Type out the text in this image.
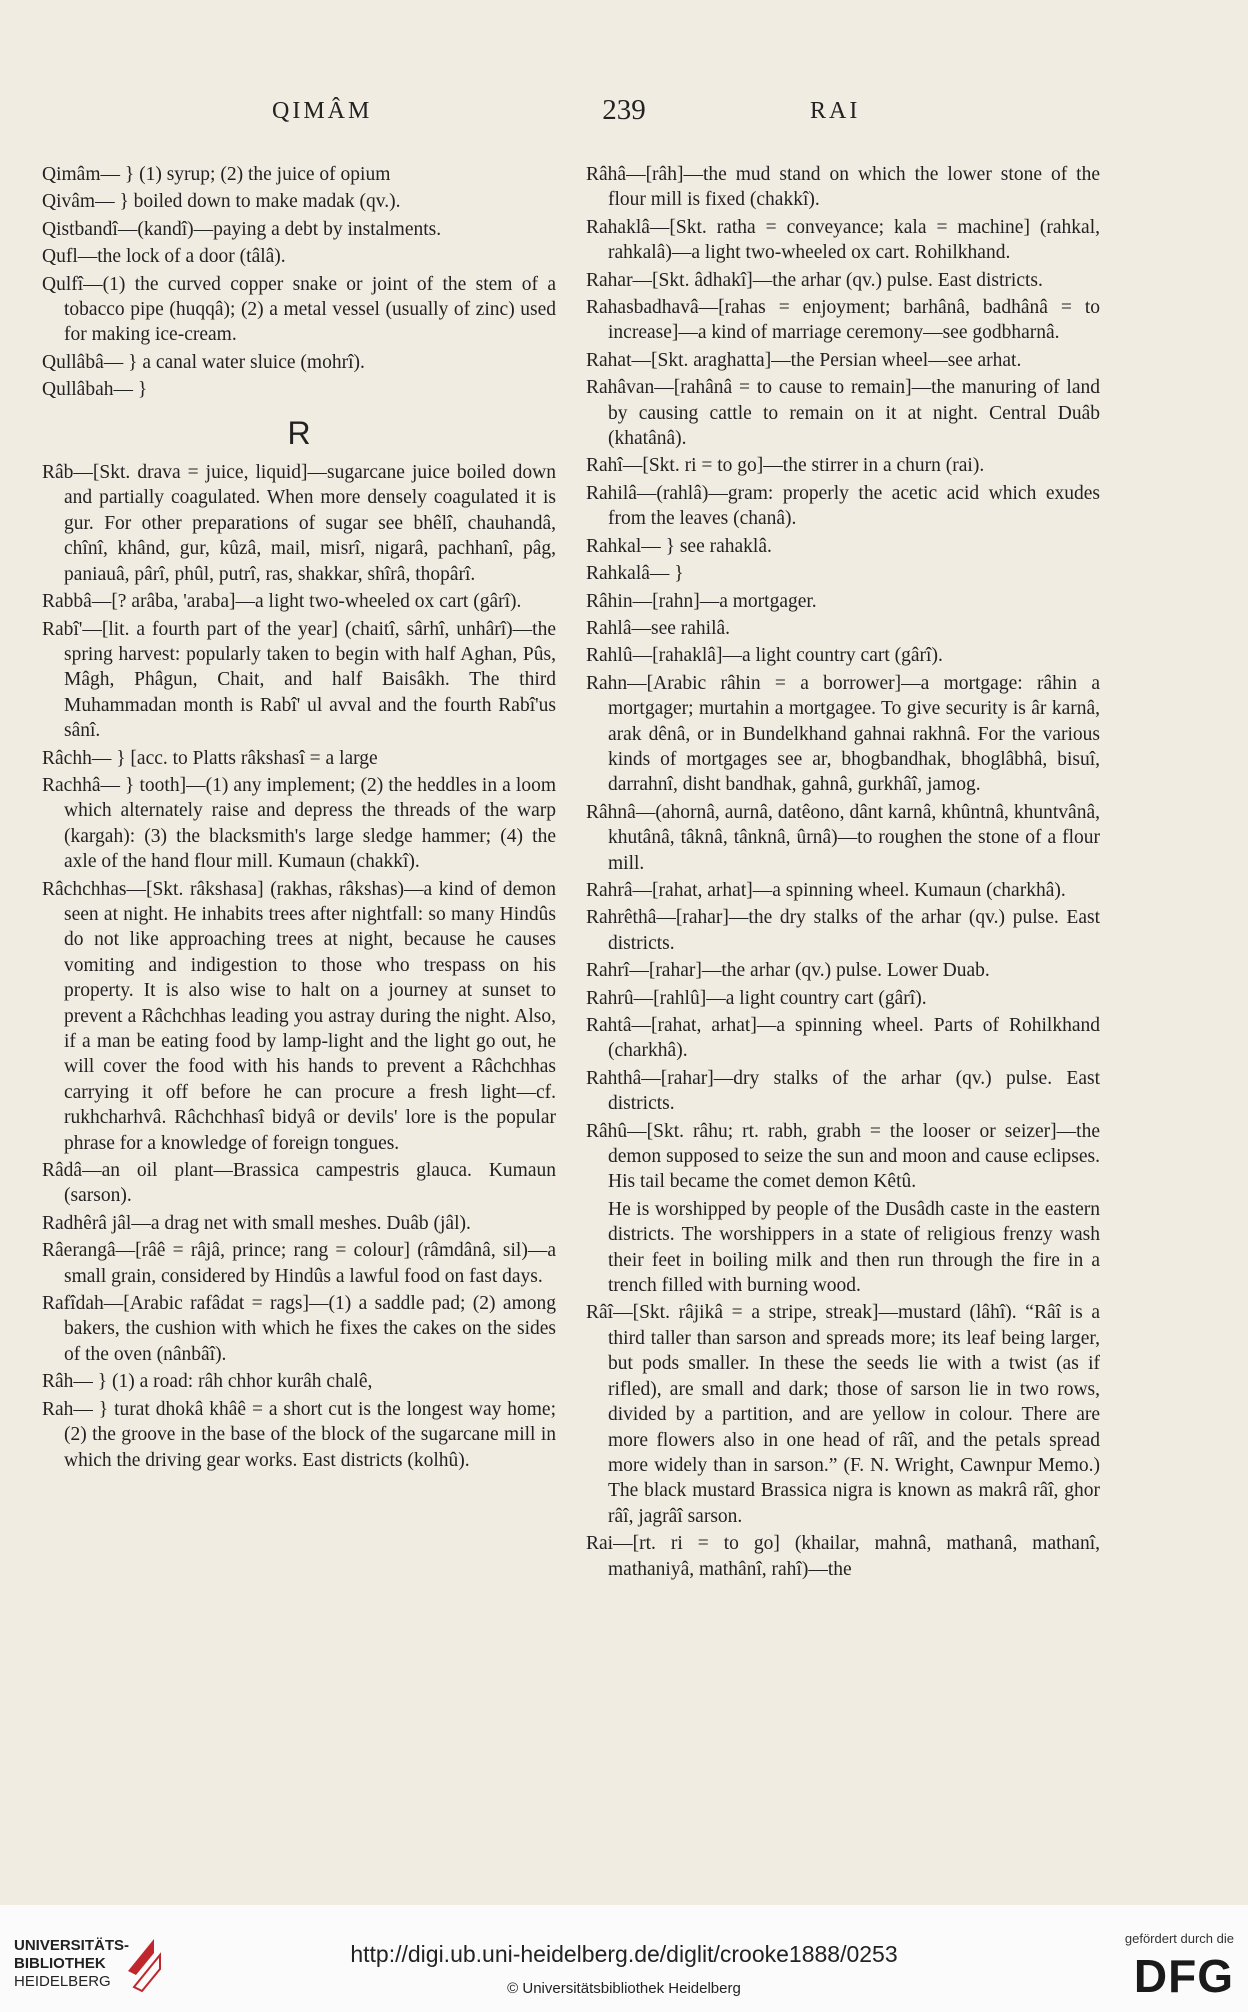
QIMÂM	239	RAI

Qimâm— } (1) syrup; (2) the juice of opium

Qivâm— } boiled down to make madak (qv.).

Qistbandî—(kandî)—paying a debt by instalments.

Qufl—the lock of a door (tâlâ).

Qulfî—(1) the curved copper snake or joint of the stem of a tobacco pipe (huqqâ); (2) a metal vessel (usually of zinc) used for making ice-cream.

Qullâbâ— } a canal water sluice (mohrî).

Qullâbah— }

R

Râb—[Skt. drava = juice, liquid]—sugarcane juice boiled down and partially coagulated. When more densely coagulated it is gur. For other preparations of sugar see bhêlî, chauhandâ, chînî, khând, gur, kûzâ, mail, misrî, nigarâ, pachhanî, pâg, paniauâ, pârî, phûl, putrî, ras, shakkar, shîrâ, thopârî.

Rabbâ—[? arâba, 'araba]—a light two-wheeled ox cart (gârî).

Rabî'—[lit. a fourth part of the year] (chaitî, sârhî, unhârî)—the spring harvest: popularly taken to begin with half Aghan, Pûs, Mâgh, Phâgun, Chait, and half Baisâkh. The third Muhammadan month is Rabî' ul avval and the fourth Rabî'us sânî.

Râchh— } [acc. to Platts râkshasî = a large

Rachhâ— } tooth]—(1) any implement; (2) the heddles in a loom which alternately raise and depress the threads of the warp (kargah): (3) the blacksmith's large sledge hammer; (4) the axle of the hand flour mill. Kumaun (chakkî).

Râchchhas—[Skt. râkshasa] (rakhas, râkshas)—a kind of demon seen at night. He inhabits trees after nightfall: so many Hindûs do not like approaching trees at night, because he causes vomiting and indigestion to those who trespass on his property. It is also wise to halt on a journey at sunset to prevent a Râchchhas leading you astray during the night. Also, if a man be eating food by lamp-light and the light go out, he will cover the food with his hands to prevent a Râchchhas carrying it off before he can procure a fresh light—cf. rukhcharhvâ. Râchchhasî bidyâ or devils' lore is the popular phrase for a knowledge of foreign tongues.

Râdâ—an oil plant—Brassica campestris glauca. Kumaun (sarson).

Radhêrâ jâl—a drag net with small meshes. Duâb (jâl).

Râerangâ—[râê = râjâ, prince; rang = colour] (râmdânâ, sil)—a small grain, considered by Hindûs a lawful food on fast days.

Rafîdah—[Arabic rafâdat = rags]—(1) a saddle pad; (2) among bakers, the cushion with which he fixes the cakes on the sides of the oven (nânbâî).

Râh— } (1) a road: râh chhor kurâh chalê,

Rah— } turat dhokâ khâê = a short cut is the longest way home; (2) the groove in the base of the block of the sugarcane mill in which the driving gear works. East districts (kolhû).

Râhâ—[râh]—the mud stand on which the lower stone of the flour mill is fixed (chakkî).

Rahaklâ—[Skt. ratha = conveyance; kala = machine] (rahkal, rahkalâ)—a light two-wheeled ox cart. Rohilkhand.

Rahar—[Skt. âdhakî]—the arhar (qv.) pulse. East districts.

Rahasbadhavâ—[rahas = enjoyment; barhânâ, badhânâ = to increase]—a kind of marriage ceremony—see godbharnâ.

Rahat—[Skt. araghatta]—the Persian wheel—see arhat.

Rahâvan—[rahânâ = to cause to remain]—the manuring of land by causing cattle to remain on it at night. Central Duâb (khatânâ).

Rahî—[Skt. ri = to go]—the stirrer in a churn (rai).

Rahilâ—(rahlâ)—gram: properly the acetic acid which exudes from the leaves (chanâ).

Rahkal— } see rahaklâ.

Rahkalâ— }

Râhin—[rahn]—a mortgager.

Rahlâ—see rahilâ.

Rahlû—[rahaklâ]—a light country cart (gârî).

Rahn—[Arabic râhin = a borrower]—a mortgage: râhin a mortgager; murtahin a mortgagee. To give security is âr karnâ, arak dênâ, or in Bundelkhand gahnai rakhnâ. For the various kinds of mortgages see ar, bhogbandhak, bhoglâbhâ, bisuî, darrahnî, disht bandhak, gahnâ, gurkhâî, jamog.

Râhnâ—(ahornâ, aurnâ, datêono, dânt karnâ, khûntnâ, khuntvânâ, khutânâ, tâknâ, tânknâ, ûrnâ)—to roughen the stone of a flour mill.

Rahrâ—[rahat, arhat]—a spinning wheel. Kumaun (charkhâ).

Rahrêthâ—[rahar]—the dry stalks of the arhar (qv.) pulse. East districts.

Rahrî—[rahar]—the arhar (qv.) pulse. Lower Duab.

Rahrû—[rahlû]—a light country cart (gârî).

Rahtâ—[rahat, arhat]—a spinning wheel. Parts of Rohilkhand (charkhâ).

Rahthâ—[rahar]—dry stalks of the arhar (qv.) pulse. East districts.

Râhû—[Skt. râhu; rt. rabh, grabh = the looser or seizer]—the demon supposed to seize the sun and moon and cause eclipses. His tail became the comet demon Kêtû.

He is worshipped by people of the Dusâdh caste in the eastern districts. The worshippers in a state of religious frenzy wash their feet in boiling milk and then run through the fire in a trench filled with burning wood.

Râî—[Skt. râjikâ = a stripe, streak]—mustard (lâhî). “Râî is a third taller than sarson and spreads more; its leaf being larger, but pods smaller. In these the seeds lie with a twist (as if rifled), are small and dark; those of sarson lie in two rows, divided by a partition, and are yellow in colour. There are more flowers also in one head of râî, and the petals spread more widely than in sarson.” (F. N. Wright, Cawnpur Memo.) The black mustard Brassica nigra is known as makrâ râî, ghor râî, jagrâî sarson.

Rai—[rt. ri = to go] (khailar, mahnâ, mathanâ, mathanî, mathaniyâ, mathânî, rahî)—the

UNIVERSITÄTS-
BIBLIOTHEK
HEIDELBERG
http://digi.ub.uni-heidelberg.de/diglit/crooke1888/0253
© Universitätsbibliothek Heidelberg
gefördert durch die
DFG
